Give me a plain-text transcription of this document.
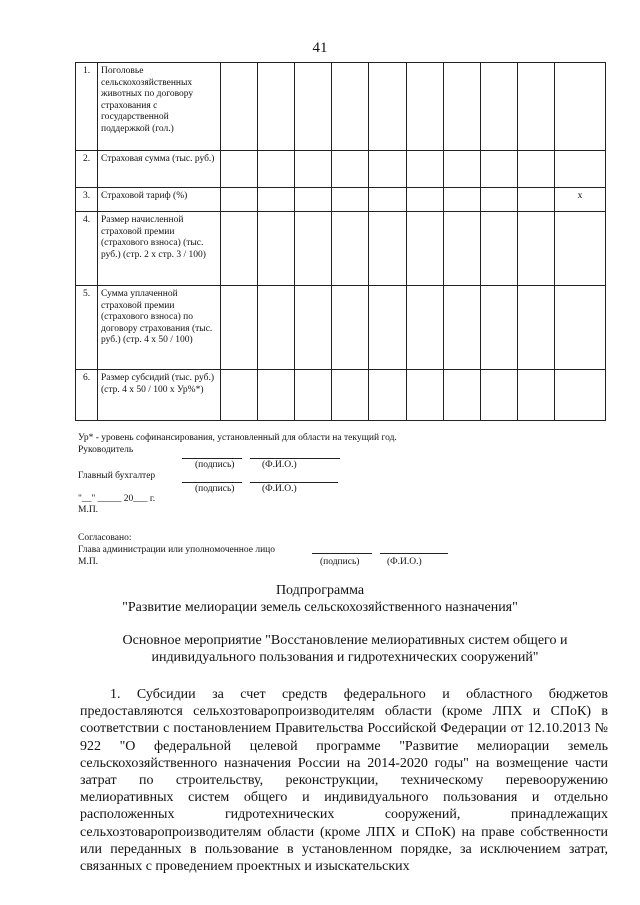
41
1.	Поголовье сельскохозяйственных животных по договору страхования с государственной поддержкой (гол.)										
2.	Страховая сумма (тыс. руб.)										
3.	Страховой тариф (%)										x
4.	Размер начисленной страховой премии (страхового взноса) (тыс. руб.) (стр. 2 x стр. 3 / 100)										
5.	Сумма уплаченной страховой премии (страхового взноса) по договору страхования (тыс. руб.) (стр. 4 x 50 / 100)										
6.	Размер субсидий (тыс. руб.) (стр. 4 x 50 / 100 x Ур%*)										
Ур* - уровень софинансирования, установленный для области на текущий год.
Руководитель
(подпись)	(Ф.И.О.)
Главный бухгалтер
(подпись)	(Ф.И.О.)
"__" _____ 20___ г.
М.П.
Согласовано:
Глава администрации или уполномоченное лицо
М.П.	(подпись)	(Ф.И.О.)
Подпрограмма
"Развитие мелиорации земель сельскохозяйственного назначения"
Основное мероприятие "Восстановление мелиоративных систем общего и
индивидуального пользования и гидротехнических сооружений"

1. Субсидии за счет средств федерального и областного бюджетов предоставляются сельхозтоваропроизводителям области (кроме ЛПХ и СПоК) в соответствии с постановлением Правительства Российской Федерации от 12.10.2013 № 922 "О федеральной целевой программе "Развитие мелиорации земель сельскохозяйственного назначения России на 2014-2020 годы" на возмещение части затрат по строительству, реконструкции, техническому перевооружению мелиоративных систем общего и индивидуального пользования и отдельно расположенных гидротехнических сооружений, принадлежащих сельхозтоваропроизводителям области (кроме ЛПХ и СПоК) на праве собственности или переданных в пользование в установленном порядке, за исключением затрат, связанных с проведением проектных и изыскательских
